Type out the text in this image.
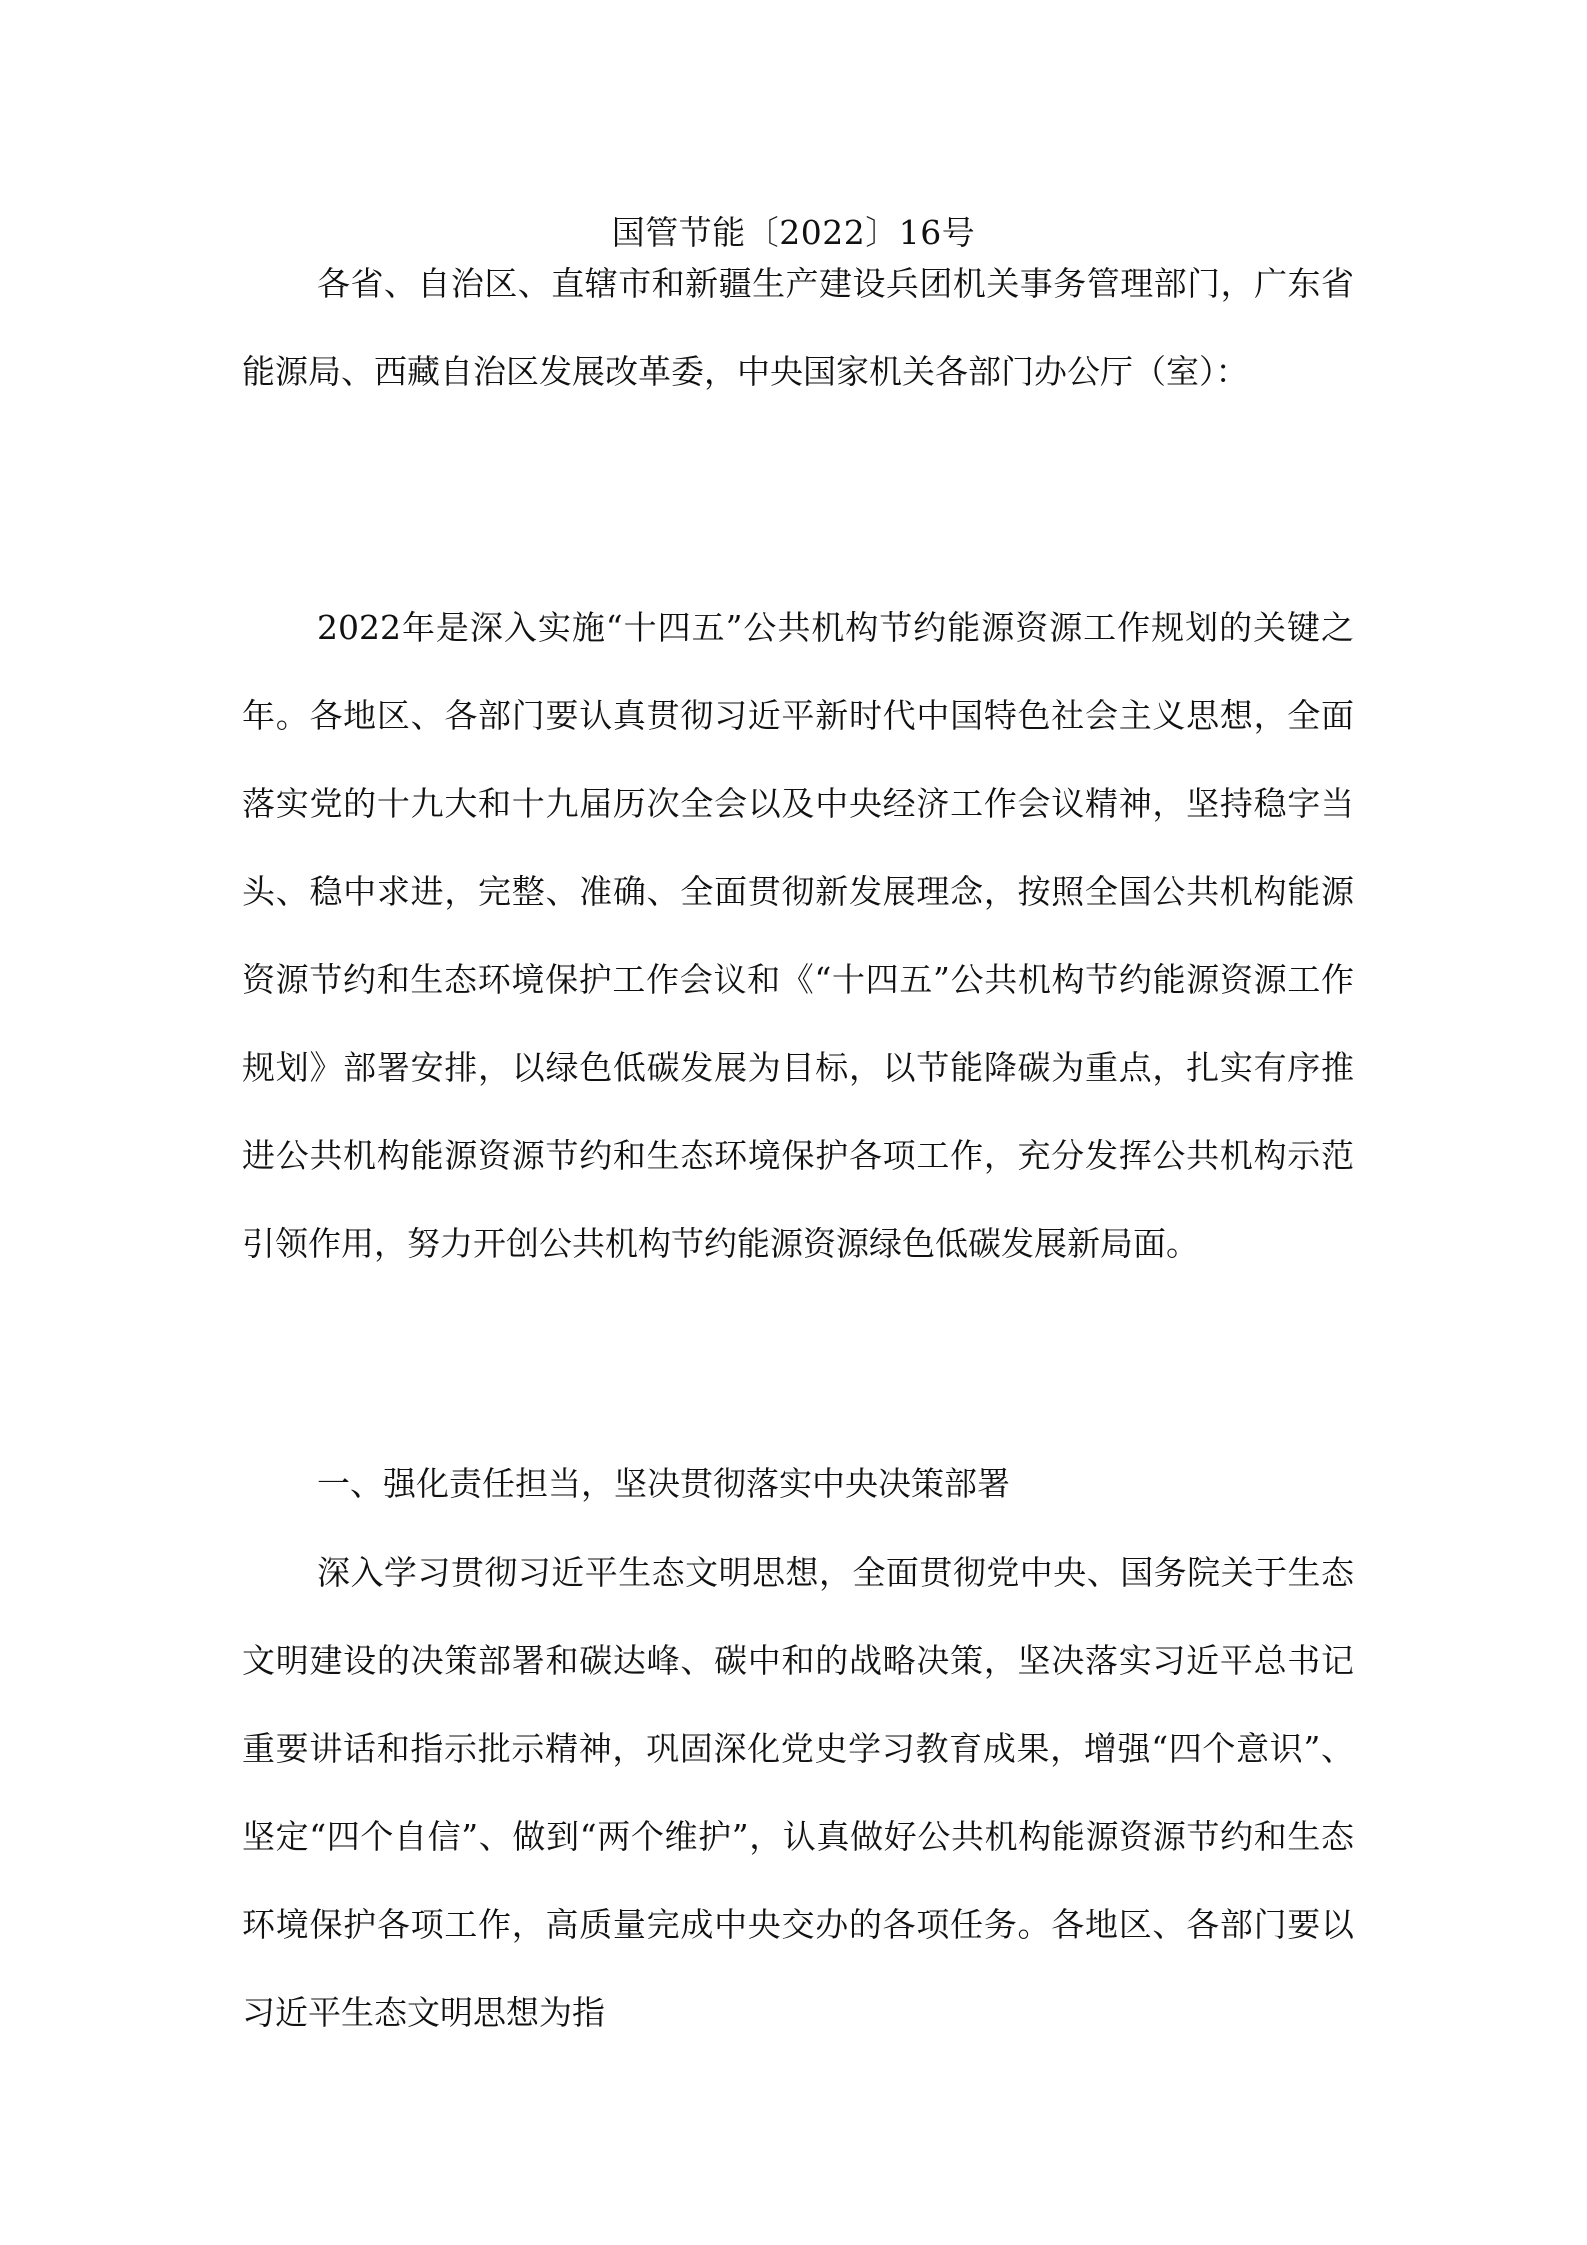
国管节能〔2022〕16号

各省、自治区、直辖市和新疆生产建设兵团机关事务管理部门，广东省能源局、西藏自治区发展改革委，中央国家机关各部门办公厅（室）：

2022年是深入实施“十四五”公共机构节约能源资源工作规划的关键之年。各地区、各部门要认真贯彻习近平新时代中国特色社会主义思想，全面落实党的十九大和十九届历次全会以及中央经济工作会议精神，坚持稳字当头、稳中求进，完整、准确、全面贯彻新发展理念，按照全国公共机构能源资源节约和生态环境保护工作会议和《“十四五”公共机构节约能源资源工作规划》部署安排，以绿色低碳发展为目标，以节能降碳为重点，扎实有序推进公共机构能源资源节约和生态环境保护各项工作，充分发挥公共机构示范引领作用，努力开创公共机构节约能源资源绿色低碳发展新局面。

一、强化责任担当，坚决贯彻落实中央决策部署

深入学习贯彻习近平生态文明思想，全面贯彻党中央、国务院关于生态文明建设的决策部署和碳达峰、碳中和的战略决策，坚决落实习近平总书记重要讲话和指示批示精神，巩固深化党史学习教育成果，增强“四个意识”、坚定“四个自信”、做到“两个维护”，认真做好公共机构能源资源节约和生态环境保护各项工作，高质量完成中央交办的各项任务。各地区、各部门要以习近平生态文明思想为指
